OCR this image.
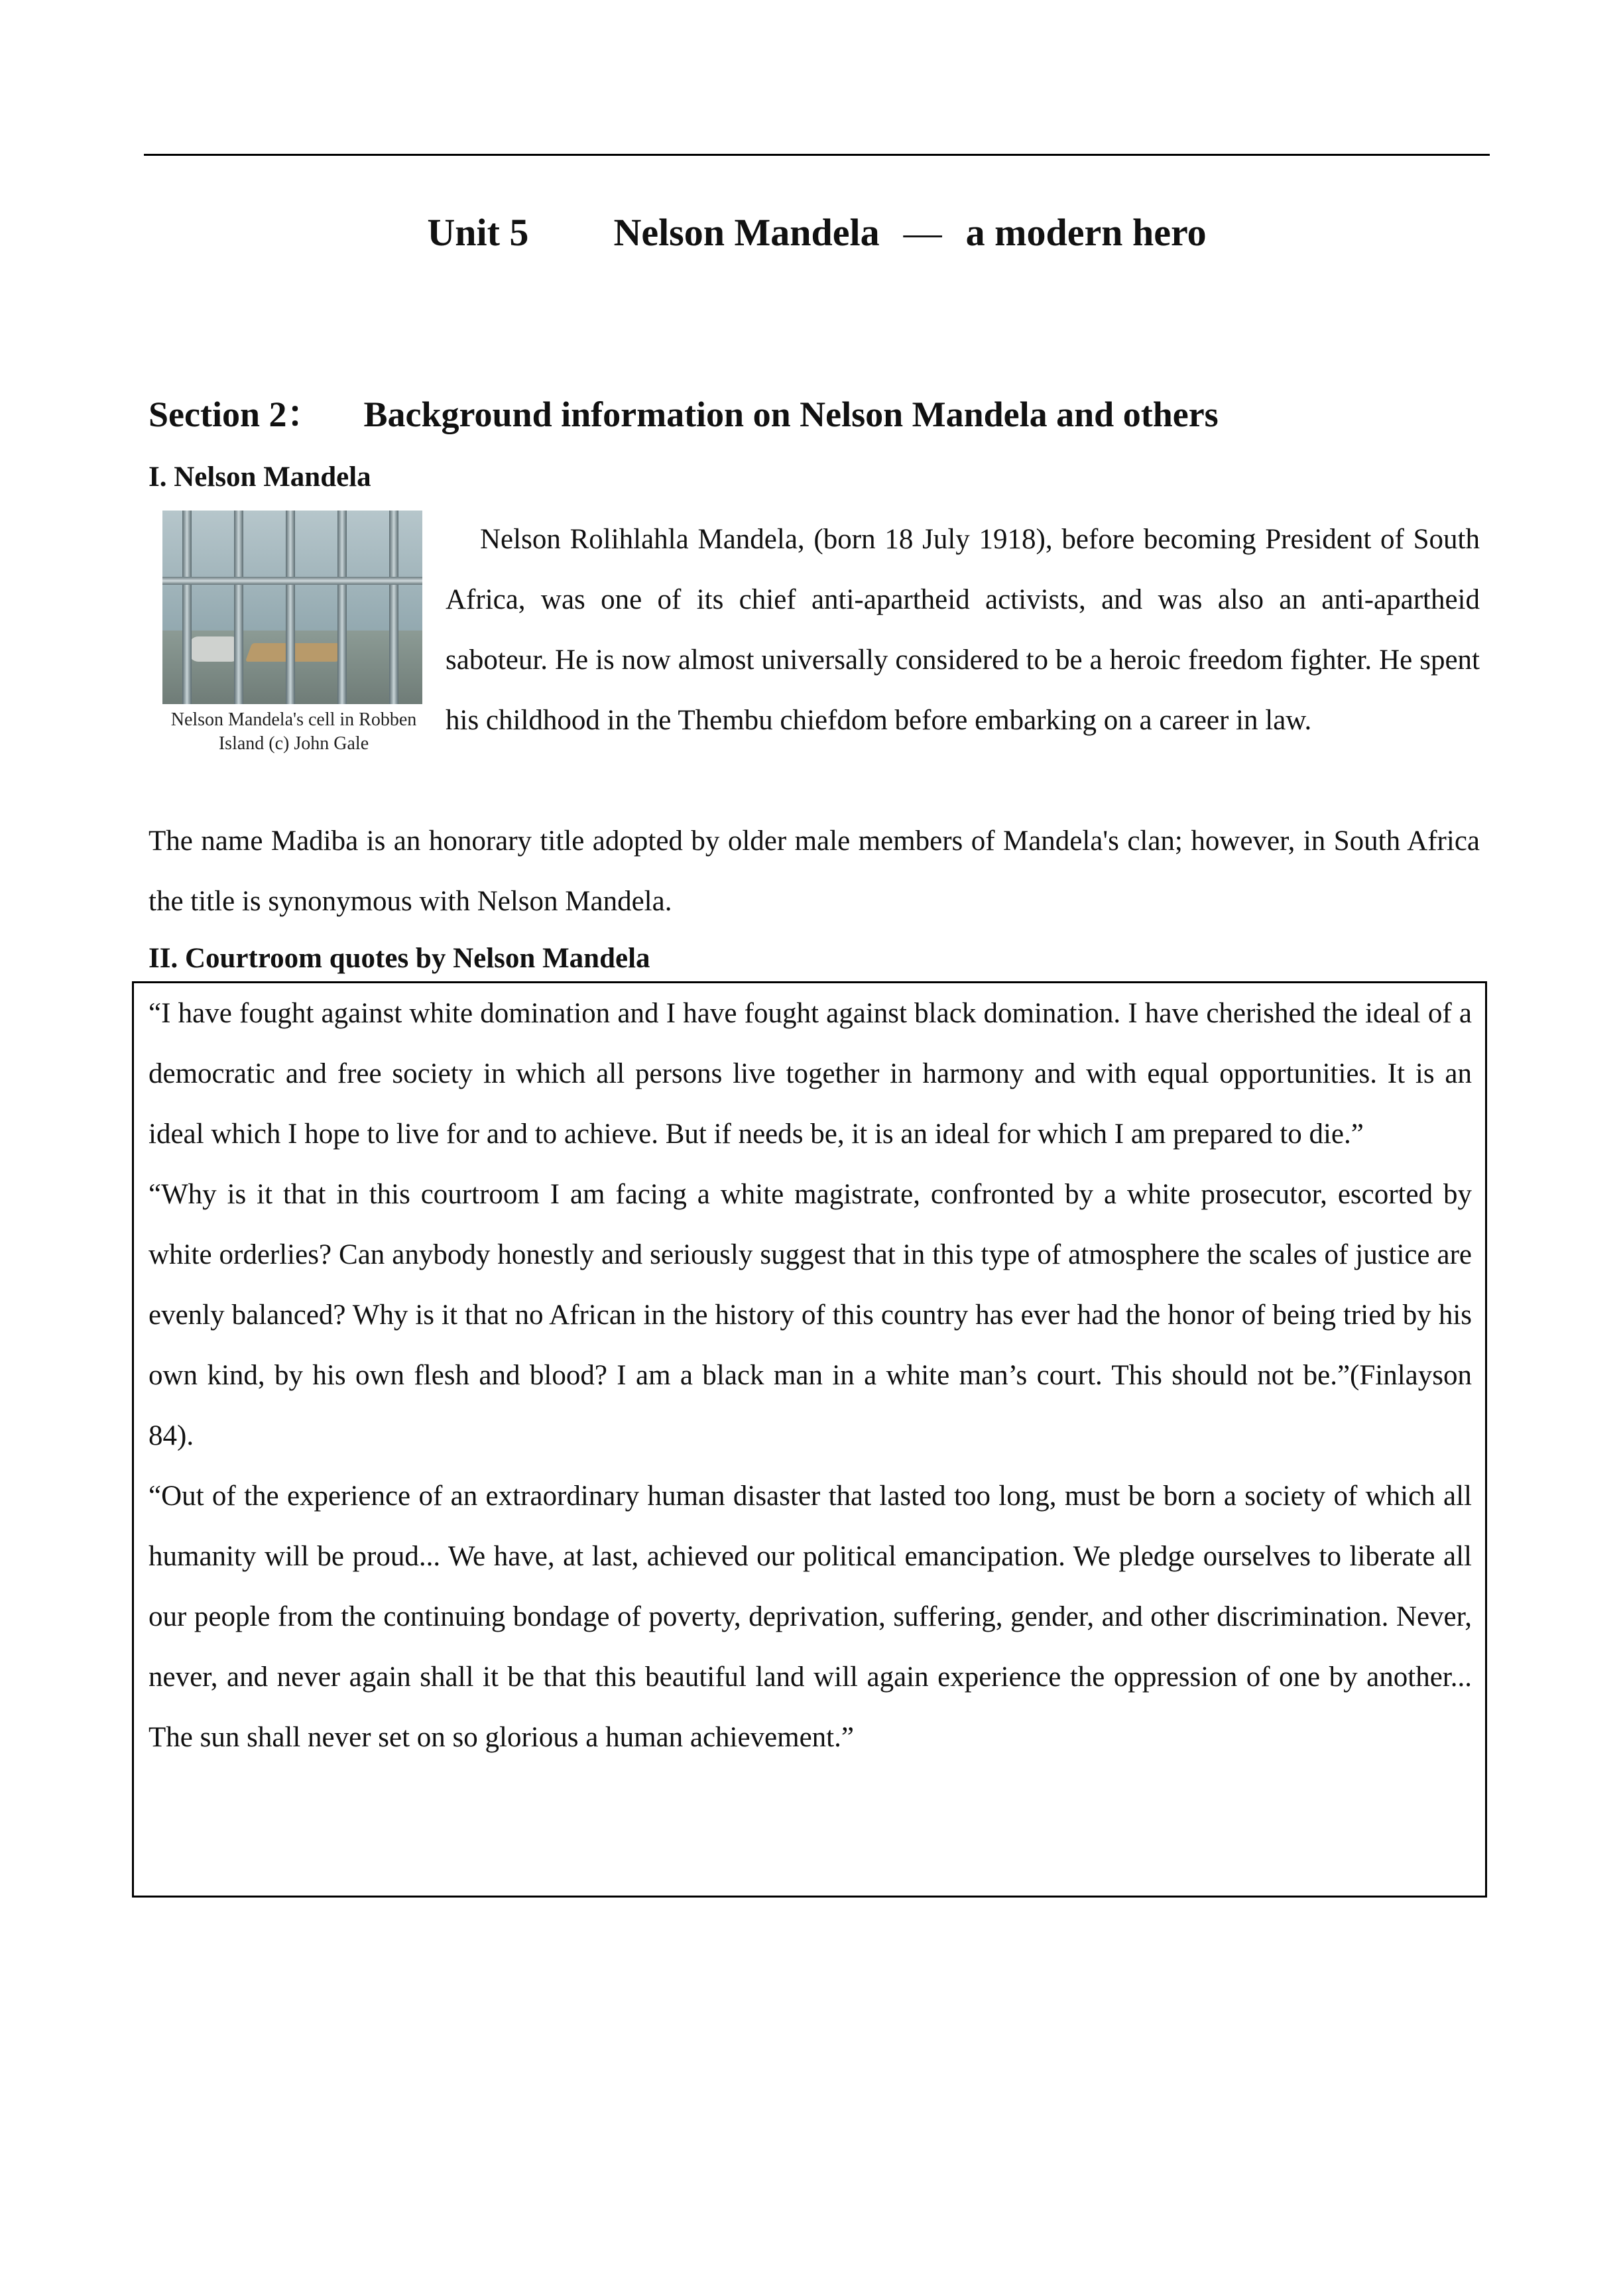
Unit 5 Nelson Mandela — a modern hero
Section 2： Background information on Nelson Mandela and others
I. Nelson Mandela
Nelson Mandela's cell in Robben Island (c) John Gale

Nelson Rolihlahla Mandela, (born 18 July 1918), before becoming President of South Africa, was one of its chief anti-apartheid activists, and was also an anti-apartheid saboteur. He is now almost universally considered to be a heroic freedom fighter. He spent his childhood in the Thembu chiefdom before embarking on a career in law.

The name Madiba is an honorary title adopted by older male members of Mandela's clan; however, in South Africa the title is synonymous with Nelson Mandela.

II. Courtroom quotes by Nelson Mandela

“I have fought against white domination and I have fought against black domination. I have cherished the ideal of a democratic and free society in which all persons live together in harmony and with equal opportunities. It is an ideal which I hope to live for and to achieve. But if needs be, it is an ideal for which I am prepared to die.”

“Why is it that in this courtroom I am facing a white magistrate, confronted by a white prosecutor, escorted by white orderlies? Can anybody honestly and seriously suggest that in this type of atmosphere the scales of justice are evenly balanced? Why is it that no African in the history of this country has ever had the honor of being tried by his own kind, by his own flesh and blood? I am a black man in a white man’s court. This should not be.”(Finlayson 84).

“Out of the experience of an extraordinary human disaster that lasted too long, must be born a society of which all humanity will be proud... We have, at last, achieved our political emancipation. We pledge ourselves to liberate all our people from the continuing bondage of poverty, deprivation, suffering, gender, and other discrimination. Never, never, and never again shall it be that this beautiful land will again experience the oppression of one by another... The sun shall never set on so glorious a human achievement.”
